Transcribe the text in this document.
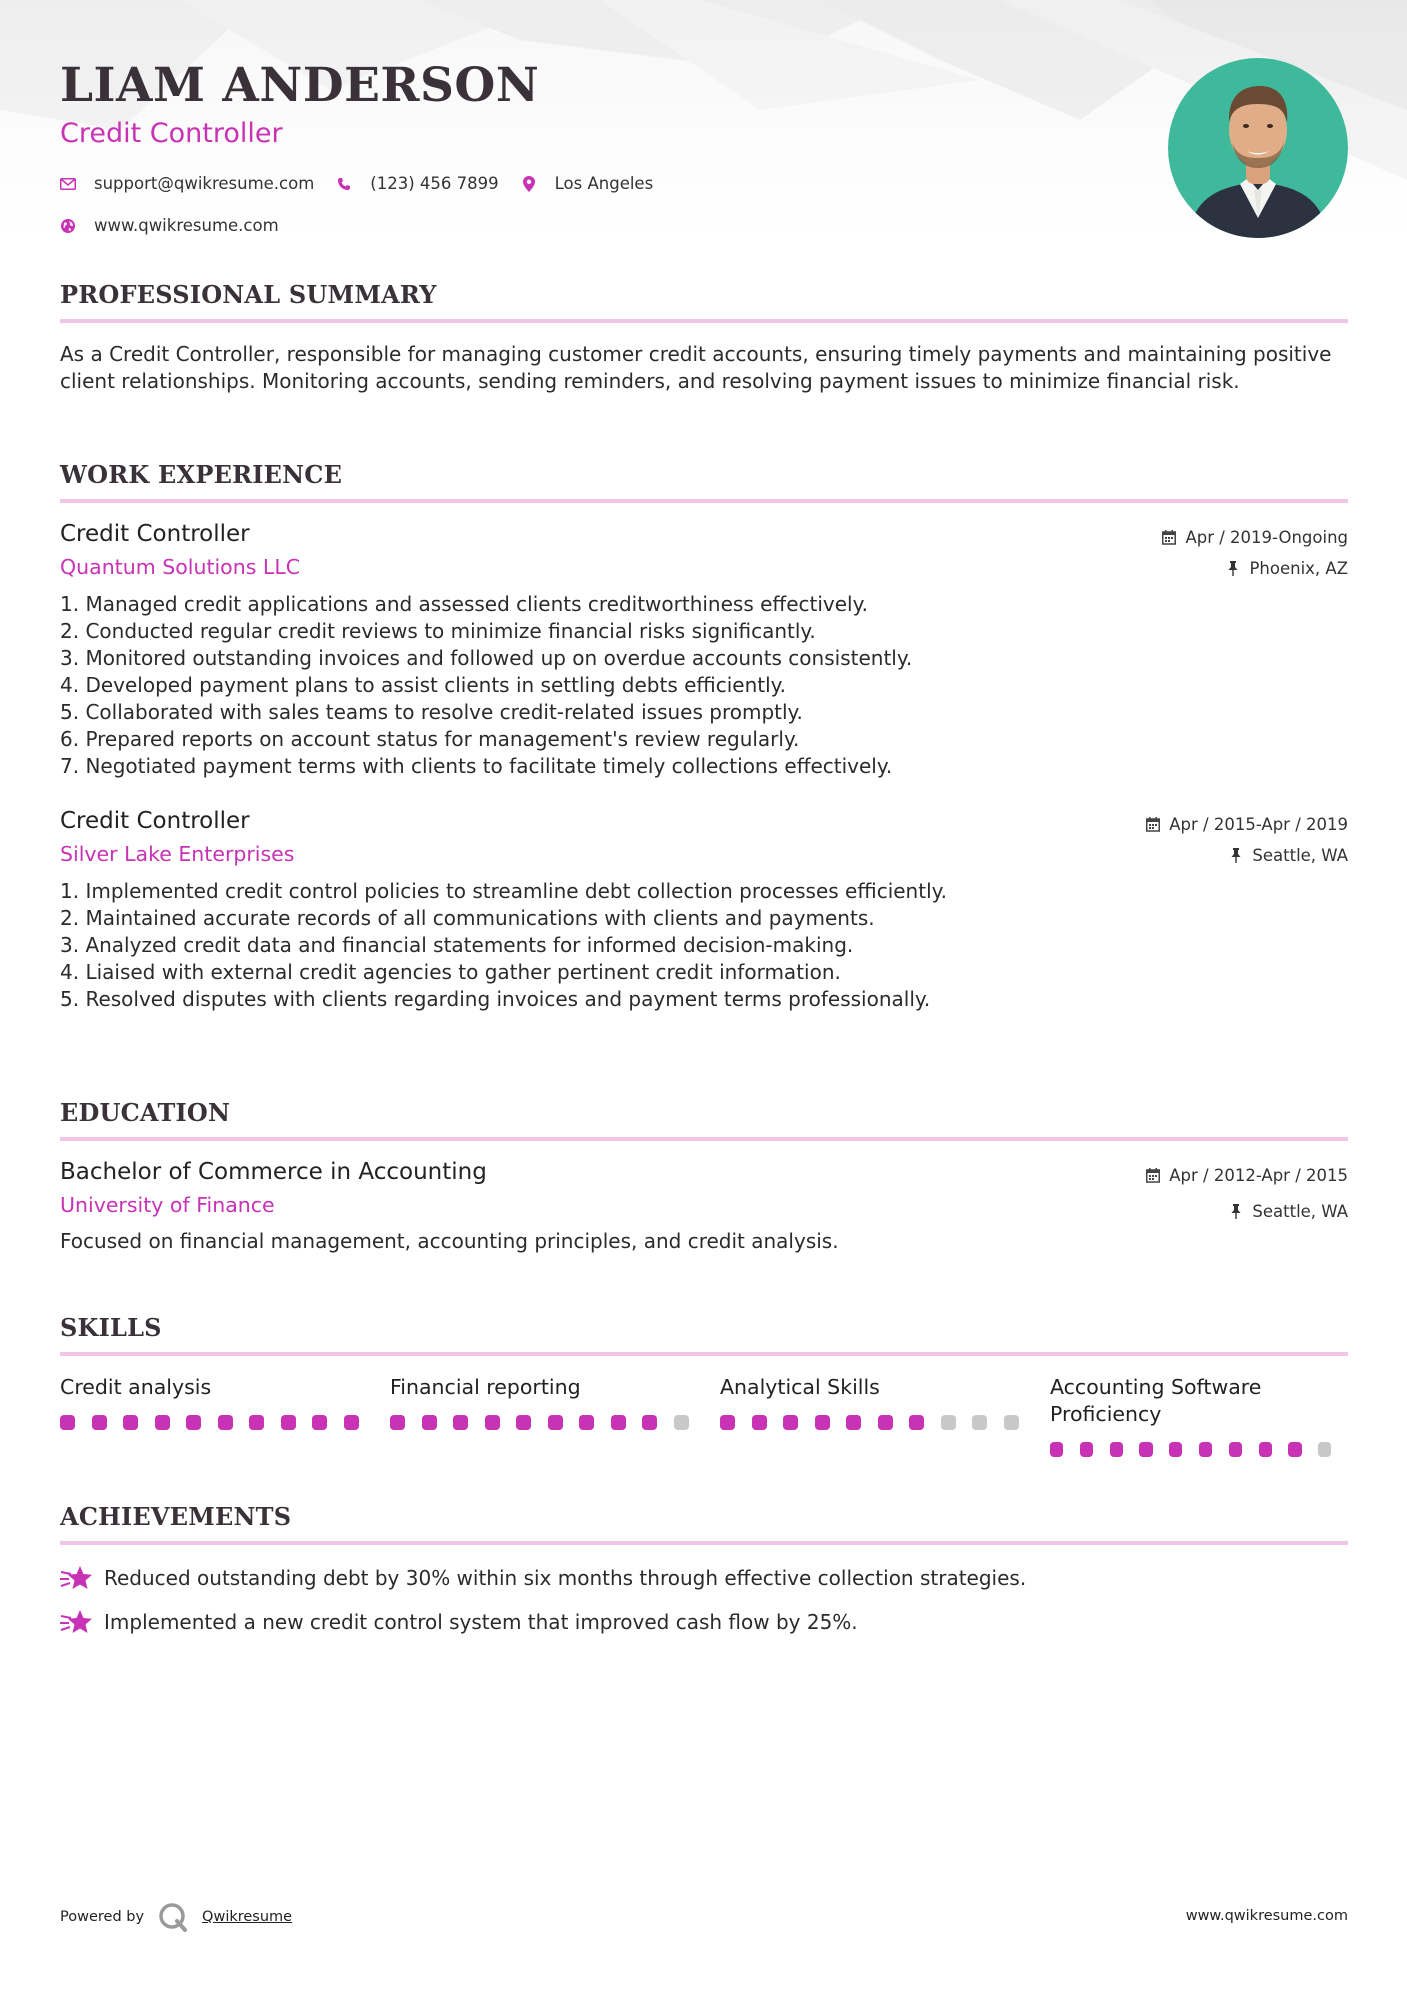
LIAM ANDERSON
Credit Controller
support@qwikresume.com	(123) 456 7899	Los Angeles
www.qwikresume.com
PROFESSIONAL SUMMARY
As a Credit Controller, responsible for managing customer credit accounts, ensuring timely payments and maintaining positive client relationships. Monitoring accounts, sending reminders, and resolving payment issues to minimize financial risk.
WORK EXPERIENCE
Credit Controller
Quantum Solutions LLC
Apr / 2019-Ongoing
Phoenix, AZ
1. Managed credit applications and assessed clients creditworthiness effectively.
2. Conducted regular credit reviews to minimize financial risks significantly.
3. Monitored outstanding invoices and followed up on overdue accounts consistently.
4. Developed payment plans to assist clients in settling debts efficiently.
5. Collaborated with sales teams to resolve credit-related issues promptly.
6. Prepared reports on account status for management's review regularly.
7. Negotiated payment terms with clients to facilitate timely collections effectively.
Credit Controller
Silver Lake Enterprises
Apr / 2015-Apr / 2019
Seattle, WA
1. Implemented credit control policies to streamline debt collection processes efficiently.
2. Maintained accurate records of all communications with clients and payments.
3. Analyzed credit data and financial statements for informed decision-making.
4. Liaised with external credit agencies to gather pertinent credit information.
5. Resolved disputes with clients regarding invoices and payment terms professionally.
EDUCATION
Bachelor of Commerce in Accounting
University of Finance
Apr / 2012-Apr / 2015
Seattle, WA
Focused on financial management, accounting principles, and credit analysis.
SKILLS
Credit analysis	Financial reporting	Analytical Skills	Accounting Software Proficiency
ACHIEVEMENTS
Reduced outstanding debt by 30% within six months through effective collection strategies.
Implemented a new credit control system that improved cash flow by 25%.
Powered by	Qwikresume	www.qwikresume.com
